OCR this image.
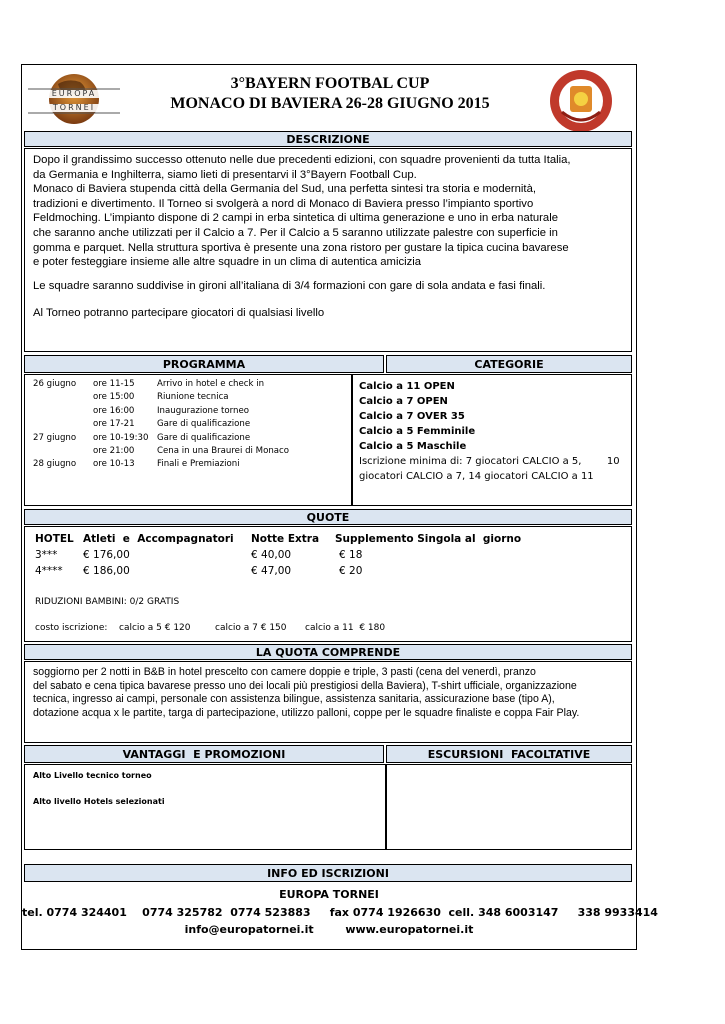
EUROPA
TORNEI
3°BAYERN FOOTBAL CUP
MONACO DI BAVIERA 26-28 GIUGNO 2015
DESCRIZIONE

Dopo il grandissimo successo ottenuto nelle due precedenti edizioni, con squadre provenienti da tutta Italia,

da Germania e Inghilterra, siamo lieti di presentarvi il 3°Bayern Football Cup.

Monaco di Baviera stupenda città della Germania del Sud, una perfetta sintesi tra storia e modernità,

tradizioni e divertimento. Il Torneo si svolgerà a nord di Monaco di Baviera presso l’impianto sportivo

Feldmoching. L’impianto dispone di 2 campi in erba sintetica di ultima generazione e uno in erba naturale

che saranno anche utilizzati per il Calcio a 7. Per il Calcio a 5 saranno utilizzate palestre con superficie in

gomma e parquet. Nella struttura sportiva è presente una zona ristoro per gustare la tipica cucina bavarese

e poter festeggiare insieme alle altre squadre in un clima di autentica amicizia

Le squadre saranno suddivise in gironi all’italiana di 3/4 formazioni con gare di sola andata e fasi finali.

Al Torneo potranno partecipare giocatori di qualsiasi livello

PROGRAMMA	CATEGORIE
26 giugno ore 11-15	Arrivo in hotel e check in
ore 15:00	Riunione tecnica
ore 16:00	Inaugurazione torneo
ore 17-21	Gare di qualificazione
27 giugno ore 10-19:30 Gare di qualificazione
ore 21:00	Cena in una Braurei di Monaco
28 giugno ore 10-13	Finali e Premiazioni
Calcio a 11 OPEN
Calcio a 7 OPEN
Calcio a 7 OVER 35
Calcio a 5 Femminile
Calcio a 5 Maschile
Iscrizione minima di: 7 giocatori CALCIO a 5,        10
giocatori CALCIO a 7, 14 giocatori CALCIO a 11
QUOTE
HOTEL Atleti  e  Accompagnatori Notte Extra Supplemento Singola al  giorno
3*** € 176,00	€ 40,00	€ 18
4**** € 186,00	€ 47,00	€ 20
RIDUZIONI BAMBINI: 0/2 GRATIS
costo iscrizione: calcio a 5 € 120	calcio a 7 € 150 calcio a 11  € 180
LA QUOTA COMPRENDE

soggiorno per 2 notti in B&B in hotel prescelto con camere doppie e triple, 3 pasti (cena del venerdì, pranzo

del sabato e cena tipica bavarese presso uno dei locali più prestigiosi della Baviera), T-shirt ufficiale, organizzazione

tecnica, ingresso ai campi, personale con assistenza bilingue, assistenza sanitaria, assicurazione base (tipo A),

dotazione acqua x le partite, targa di partecipazione, utilizzo palloni, coppe per le squadre finaliste e coppa Fair Play.

VANTAGGI  E PROMOZIONI	ESCURSIONI  FACOLTATIVE
Alto Livello tecnico torneo
Alto livello Hotels selezionati
INFO ED ISCRIZIONI
EUROPA TORNEI
tel. 0774 324401    0774 325782  0774 523883     fax 0774 1926630  cell. 348 6003147     338 9933414
info@europatornei.it	www.europatornei.it
